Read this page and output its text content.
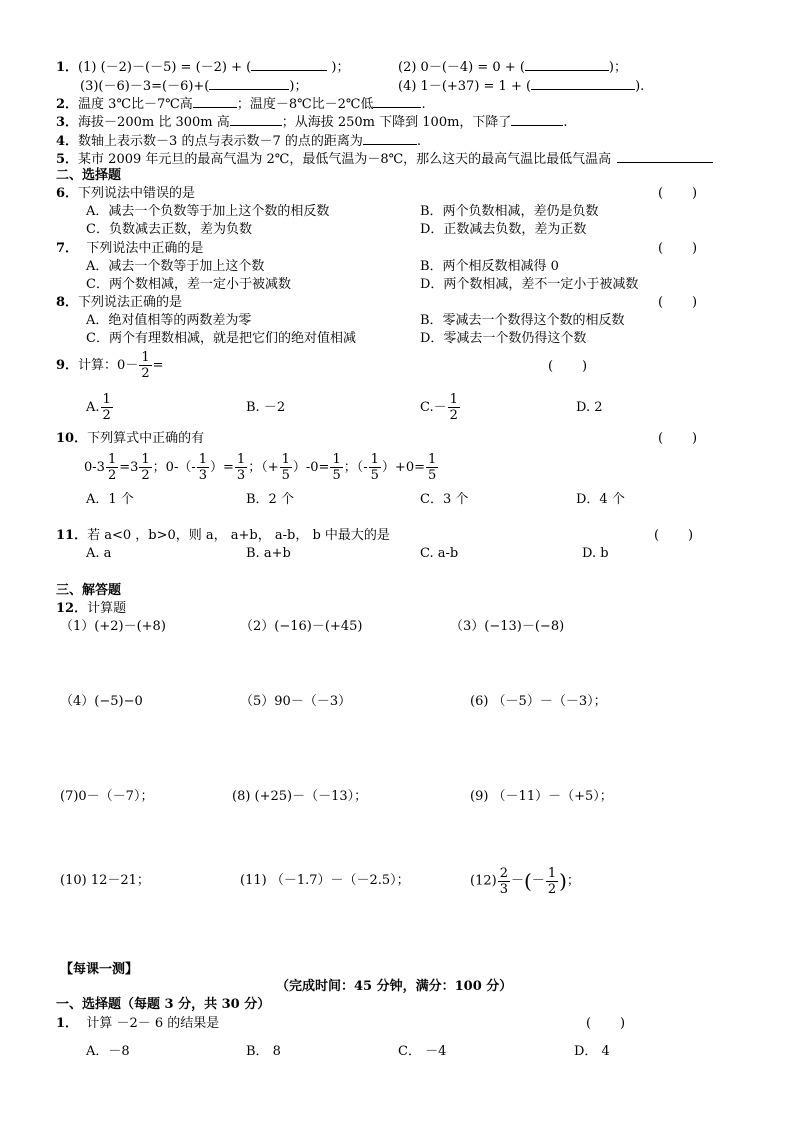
1．(1) (－2)－(－5) = (－2) + (	)；	(2) 0－(－4) = 0 + (	)；
(3)(－6)－3=(－6)+(	)；	(4) 1－(+37) = 1 + (	).
2．温度 3℃比－7℃高	；温度－8℃比－2℃低	.
3．海拔－200m 比 300m 高	；从海拔 250m 下降到 100m，下降了	.
4．数轴上表示数－3 的点与表示数－7 的点的距离为	.
5．某市 2009 年元旦的最高气温为 2℃，最低气温为－8℃，那么这天的最高气温比最低气温高
二、选择题
6．下列说法中错误的是	(       )
A．减去一个负数等于加上这个数的相反数	B．两个负数相减，差仍是负数
C．负数减去正数，差为负数	D．正数减去负数，差为正数
7． 下列说法中正确的是	(       )
A．减去一个数等于加上这个数	B．两个相反数相减得 0
C．两个数相减，差一定小于被减数	D．两个数相减，差不一定小于被减数
8．下列说法正确的是	(       )
A．绝对值相等的两数差为零	B．零减去一个数得这个数的相反数
C．两个有理数相减，就是把它们的绝对值相减	D．零减去一个数仍得这个数
9．计算：$0- \frac{1}{2}$ =	(       )
A. $\frac{1}{2}$	B. －2	$C.- \frac{1}{2}$	D. 2
10．下列算式中正确的有	(       )
$0-3 \frac{1}{2} =3 \frac{1}{2}$ ；$0-(- \frac{1}{3}$ ）= $\frac{1}{3}$ ；（+ $\frac{1}{5} )-0= \frac{1}{5}$ ；（- $\frac{1}{5} )+0= \frac{1}{5}$
A．1 个	B．2 个	C．3 个	D．4 个
11．若 a<0 ，b>0，则 a， a+b， a-b， b 中最大的是	(       )
A. a	B. a+b	C. a-b	D. b
三、解答题
12．计算题
（1）(+2)－(+8)	（2）(−16)－(+45)	（3）(−13)－(−8)
（4）(−5)−0	（5）90－（－3）	(6) （－5）－（－3）；
(7)0－（－7）；	(8) (+25)－（－13）；	(9) （－11）－（+5）；
(10) 12－21；	(11) （－1.7）－（－2.5）；	$(12) \frac{2}{3}$ －(－ $\frac{1}{2}$ )；
【每课一测】
（完成时间：45 分钟，满分：100 分）
一、选择题（每题 3 分，共 30 分）
1． 计算 －2－ 6 的结果是	(       )
A．－8	B． 8	C． －4	D． 4
